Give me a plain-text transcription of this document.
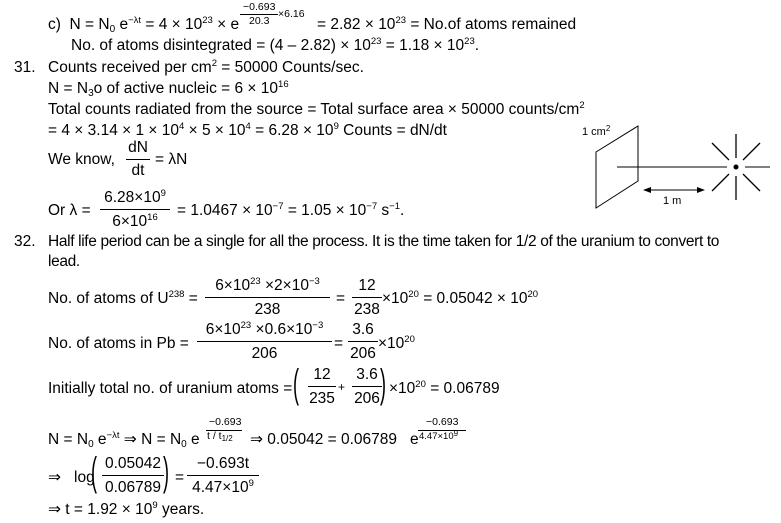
c) $N = N_0$ $e^{-\lambda t} = 4 \times 10^{23} \times e$
−0.693
20.3
×6.16
= $2.82 \times 10^{23} = No.of$ atoms remained
No. of atoms disintegrated = $(4 - 2.82) \times 10^{23} = 1.18 \times 10^{23}$.
31. Counts received per $cm^2 = 50000$ Counts/sec.
$N = N_3o$ of active nucleic = $6 \times 10^{16}$
Total counts radiated from the source = Total surface area × 50000 counts/$cm^2$
= $4 \times 3.14 \times 1 \times 10^4 \times 5 \times 10^4 = 6.28 \times 10^9$ Counts = dN/dt
We know, $\frac{dN}{dt} = \lambda N$
Or $\lambda = \frac{6.28\times 10^9}{6\times 10^{16}} = 1.0467 \times 10^{-7} = 1.05 \times 10^{-7}$ $s^{-1}$.
1 $cm^2$
1 m
32. Half life period can be a single for all the process. It is the time taken for 1/2 of the uranium to convert to
lead.
No. of atoms of $U^{238} = \frac{6\times 10^{23} \times 2\times 10^{-3}}{238} = \frac{12}{238} \times 10^{20} = 0.05042 \times 10^{20}$
No. of atoms in $Pb = \frac{6\times 10^{23} \times 0.6\times 10^{-3}}{206} = \frac{3.6}{206} \times 10^{20}$
Initially total no. of uranium atoms = ( $\frac{12}{235} + \frac{3.6}{206}$
) $\times 10^{20} = 0.06789$
$N = N_0$ $e^{-\lambda t}$ ⇒ $N = N_0$ e
−0.693
t / $t_{1/2}$ ⇒ 0.05042 = 0.06789 e
−0.693
$4.47\times 10^9$
⇒ log
( $\frac{0.05042}{0.06789}$ ) = $\frac{-0.693t}{4.47\times 10^9}$
⇒ $t = 1.92 \times 10^9$ years.
